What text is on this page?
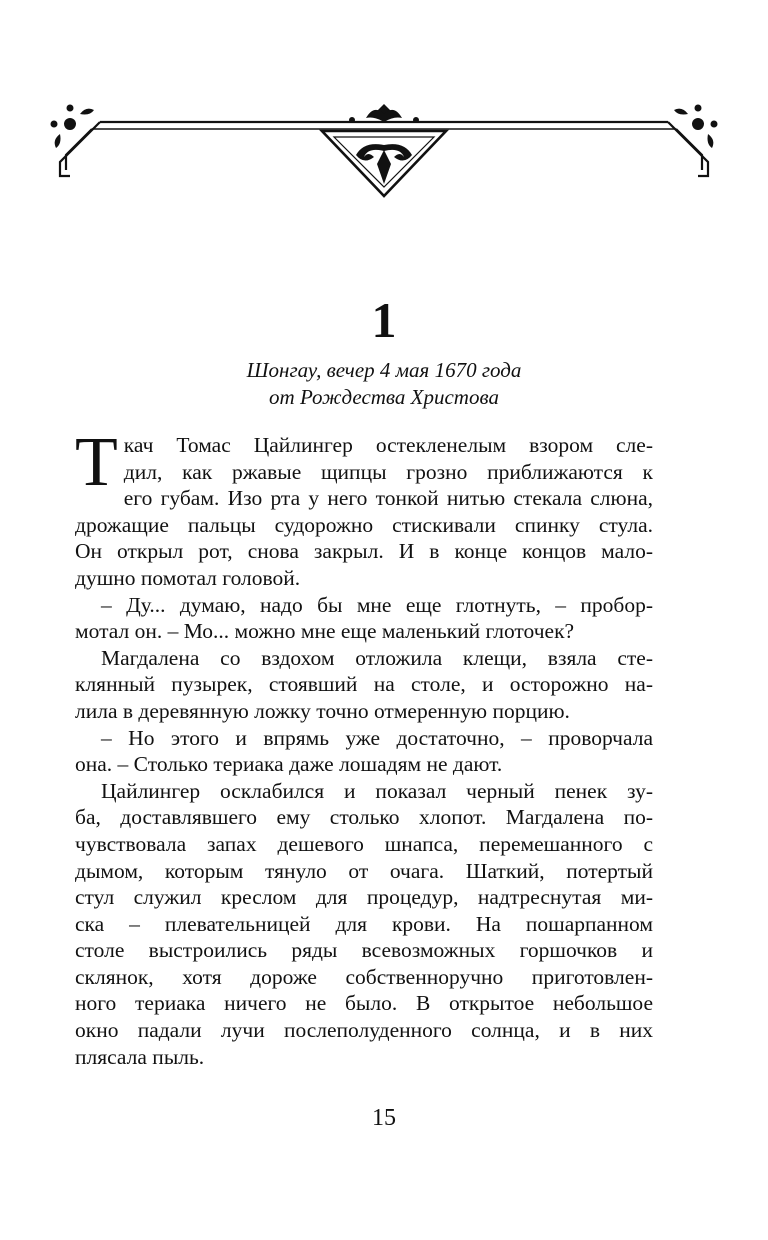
1
Шонгау, вечер 4 мая 1670 года
от Рождества Христова
Т кач Томас Цайлингер остекленелым взором сле-
дил, как ржавые щипцы грозно приближаются к
его губам. Изо рта у него тонкой нитью стекала слюна,
дрожащие пальцы судорожно стискивали спинку стула.
Он открыл рот, снова закрыл. И в конце концов мало-
душно помотал головой.
– Ду... думаю, надо бы мне еще глотнуть, – пробор-
мотал он. – Мо... можно мне еще маленький глоточек?
Магдалена со вздохом отложила клещи, взяла сте-
клянный пузырек, стоявший на столе, и осторожно на-
лила в деревянную ложку точно отмеренную порцию.
– Но этого и впрямь уже достаточно, – проворчала
она. – Столько териака даже лошадям не дают.
Цайлингер осклабился и показал черный пенек зу-
ба, доставлявшего ему столько хлопот. Магдалена по-
чувствовала запах дешевого шнапса, перемешанного с
дымом, которым тянуло от очага. Шаткий, потертый
стул служил креслом для процедур, надтреснутая ми-
ска – плевательницей для крови. На пошарпанном
столе выстроились ряды всевозможных горшочков и
склянок, хотя дороже собственноручно приготовлен-
ного териака ничего не было. В открытое небольшое
окно падали лучи послеполуденного солнца, и в них
плясала пыль.
15
